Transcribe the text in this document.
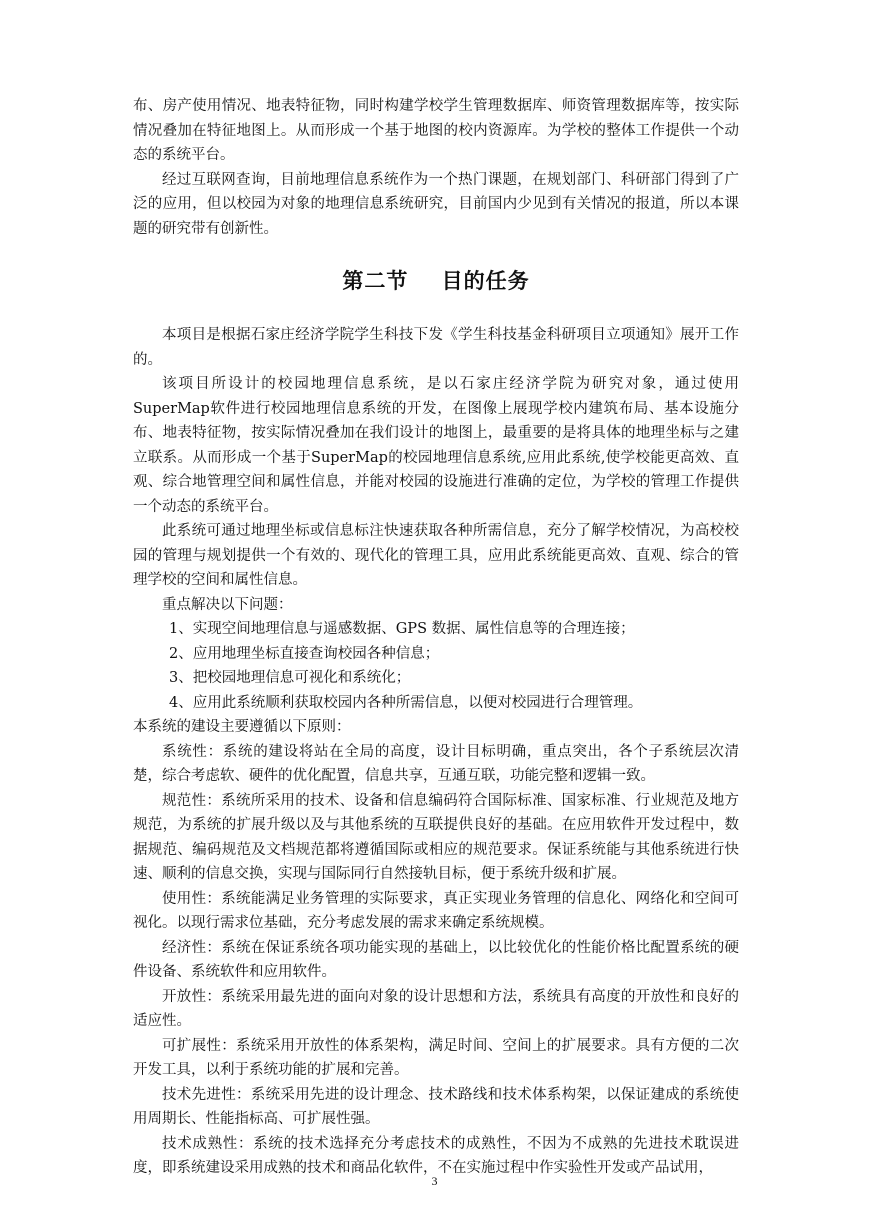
布、房产使用情况、地表特征物，同时构建学校学生管理数据库、师资管理数据库等，按实际情况叠加在特征地图上。从而形成一个基于地图的校内资源库。为学校的整体工作提供一个动态的系统平台。

经过互联网查询，目前地理信息系统作为一个热门课题，在规划部门、科研部门得到了广泛的应用，但以校园为对象的地理信息系统研究，目前国内少见到有关情况的报道，所以本课题的研究带有创新性。

第二节    目的任务

本项目是根据石家庄经济学院学生科技下发《学生科技基金科研项目立项通知》展开工作的。

该项目所设计的校园地理信息系统，是以石家庄经济学院为研究对象，通过使用SuperMap软件进行校园地理信息系统的开发，在图像上展现学校内建筑布局、基本设施分布、地表特征物，按实际情况叠加在我们设计的地图上，最重要的是将具体的地理坐标与之建立联系。从而形成一个基于SuperMap的校园地理信息系统,应用此系统,使学校能更高效、直观、综合地管理空间和属性信息，并能对校园的设施进行准确的定位，为学校的管理工作提供一个动态的系统平台。

此系统可通过地理坐标或信息标注快速获取各种所需信息，充分了解学校情况，为高校校园的管理与规划提供一个有效的、现代化的管理工具，应用此系统能更高效、直观、综合的管理学校的空间和属性信息。

重点解决以下问题：

1、实现空间地理信息与遥感数据、GPS 数据、属性信息等的合理连接；

2、应用地理坐标直接查询校园各种信息；

3、把校园地理信息可视化和系统化；

4、应用此系统顺利获取校园内各种所需信息，以便对校园进行合理管理。

本系统的建设主要遵循以下原则：

系统性：系统的建设将站在全局的高度，设计目标明确，重点突出，各个子系统层次清楚，综合考虑软、硬件的优化配置，信息共享，互通互联，功能完整和逻辑一致。

规范性：系统所采用的技术、设备和信息编码符合国际标准、国家标准、行业规范及地方规范，为系统的扩展升级以及与其他系统的互联提供良好的基础。在应用软件开发过程中，数据规范、编码规范及文档规范都将遵循国际或相应的规范要求。保证系统能与其他系统进行快速、顺利的信息交换，实现与国际同行自然接轨目标，便于系统升级和扩展。

使用性：系统能满足业务管理的实际要求，真正实现业务管理的信息化、网络化和空间可视化。以现行需求位基础，充分考虑发展的需求来确定系统规模。

经济性：系统在保证系统各项功能实现的基础上，以比较优化的性能价格比配置系统的硬件设备、系统软件和应用软件。

开放性：系统采用最先进的面向对象的设计思想和方法，系统具有高度的开放性和良好的适应性。

可扩展性：系统采用开放性的体系架构，满足时间、空间上的扩展要求。具有方便的二次开发工具，以利于系统功能的扩展和完善。

技术先进性：系统采用先进的设计理念、技术路线和技术体系构架，以保证建成的系统使用周期长、性能指标高、可扩展性强。

技术成熟性：系统的技术选择充分考虑技术的成熟性，不因为不成熟的先进技术耽误进度，即系统建设采用成熟的技术和商品化软件，不在实施过程中作实验性开发或产品试用，

3
